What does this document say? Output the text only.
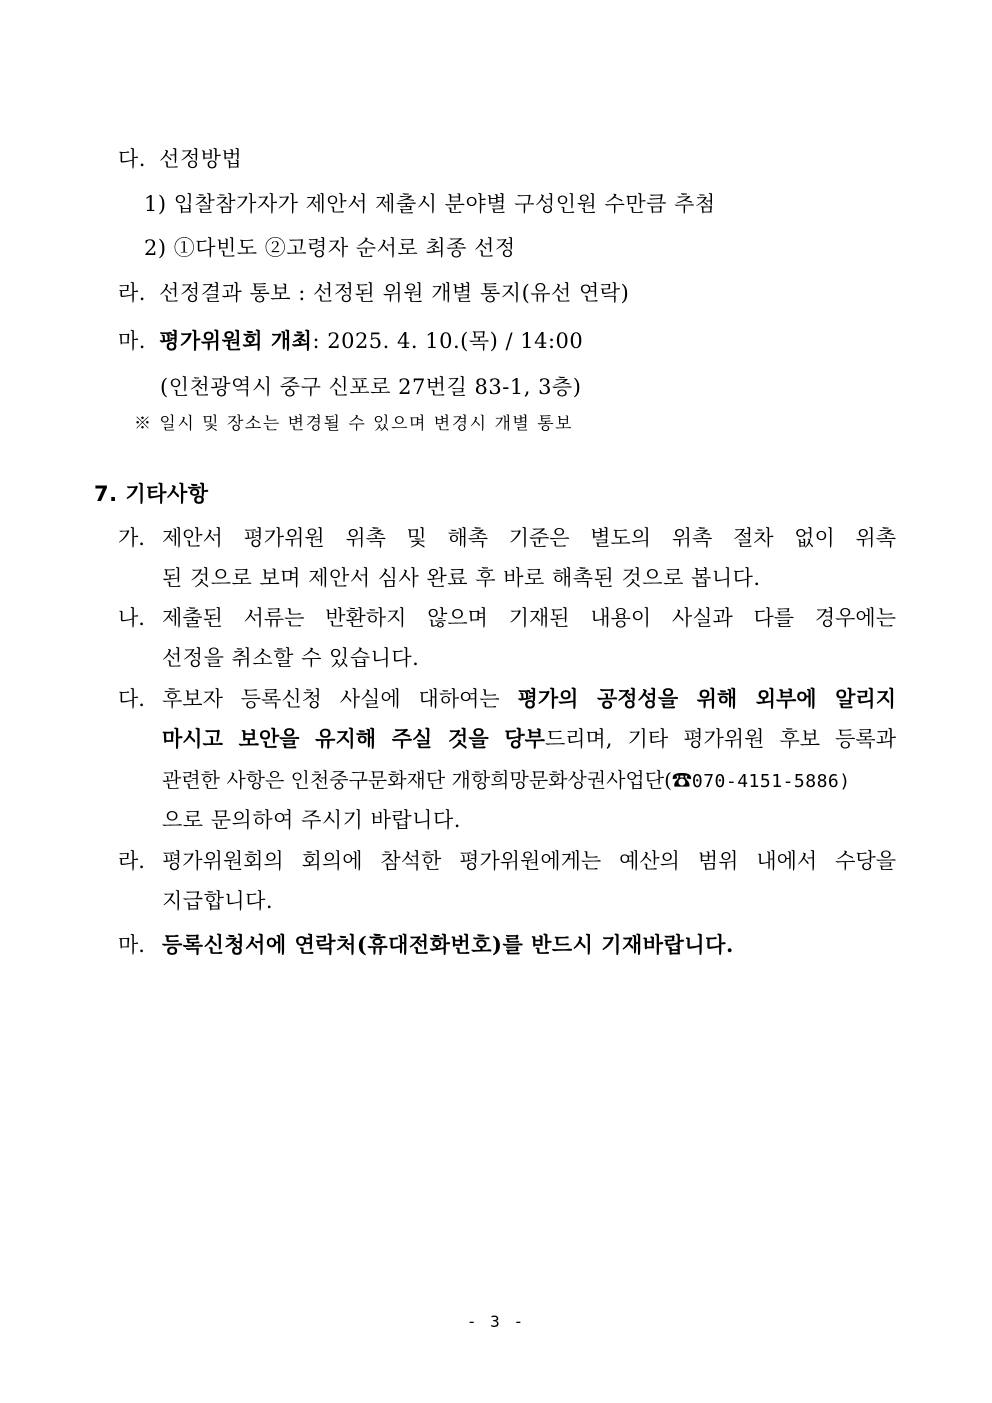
다. 선정방법
1) 입찰참가자가 제안서 제출시 분야별 구성인원 수만큼 추첨
2) ①다빈도 ②고령자 순서로 최종 선정
라. 선정결과 통보 : 선정된 위원 개별 통지(유선 연락)
마. 평가위원회 개최: 2025. 4. 10.(목) / 14:00
(인천광역시 중구 신포로 27번길 83-1, 3층)
※ 일시 및 장소는 변경될 수 있으며 변경시 개별 통보
7. 기타사항
가. 제안서 평가위원 위촉 및 해촉 기준은 별도의 위촉 절차 없이 위촉
된 것으로 보며 제안서 심사 완료 후 바로 해촉된 것으로 봅니다.
나. 제출된 서류는 반환하지 않으며 기재된 내용이 사실과 다를 경우에는
선정을 취소할 수 있습니다.
다. 후보자 등록신청 사실에 대하여는 평가의 공정성을 위해 외부에 알리지
마시고 보안을 유지해 주실 것을 당부드리며, 기타 평가위원 후보 등록과
관련한 사항은 인천중구문화재단 개항희망문화상권사업단(☎070-4151-5886)
으로 문의하여 주시기 바랍니다.
라. 평가위원회의 회의에 참석한 평가위원에게는 예산의 범위 내에서 수당을
지급합니다.
마. 등록신청서에 연락처(휴대전화번호)를 반드시 기재바랍니다.
- 3 -
